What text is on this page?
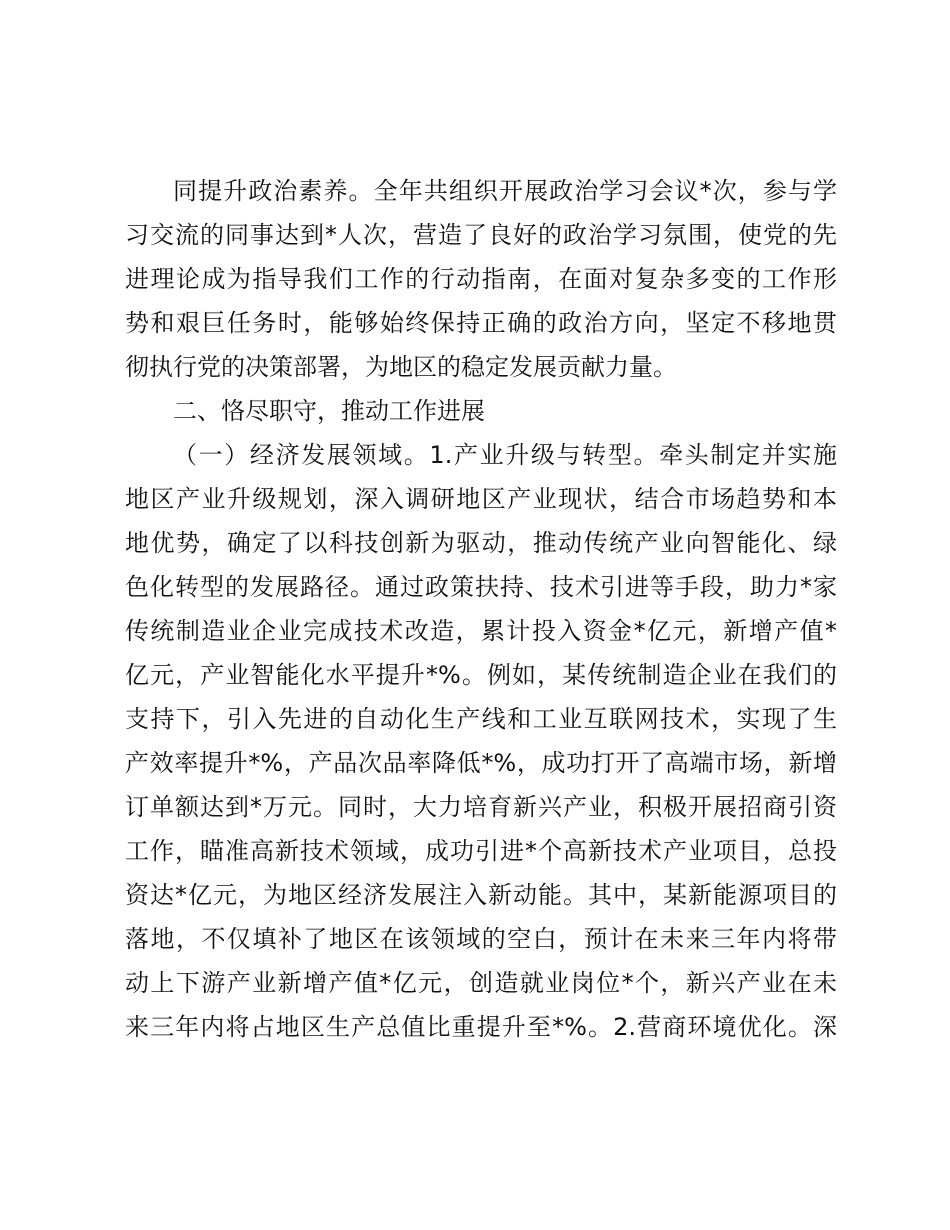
同提升政治素养。全年共组织开展政治学习会议*次，参与学
习交流的同事达到*人次，营造了良好的政治学习氛围，使党的先
进理论成为指导我们工作的行动指南，在面对复杂多变的工作形
势和艰巨任务时，能够始终保持正确的政治方向，坚定不移地贯
彻执行党的决策部署，为地区的稳定发展贡献力量。
二、恪尽职守，推动工作进展
（一）经济发展领域。1.产业升级与转型。牵头制定并实施
地区产业升级规划，深入调研地区产业现状，结合市场趋势和本
地优势，确定了以科技创新为驱动，推动传统产业向智能化、绿
色化转型的发展路径。通过政策扶持、技术引进等手段，助力*家
传统制造业企业完成技术改造，累计投入资金*亿元，新增产值*
亿元，产业智能化水平提升*%。例如，某传统制造企业在我们的
支持下，引入先进的自动化生产线和工业互联网技术，实现了生
产效率提升*%，产品次品率降低*%，成功打开了高端市场，新增
订单额达到*万元。同时，大力培育新兴产业，积极开展招商引资
工作，瞄准高新技术领域，成功引进*个高新技术产业项目，总投
资达*亿元，为地区经济发展注入新动能。其中，某新能源项目的
落地，不仅填补了地区在该领域的空白，预计在未来三年内将带
动上下游产业新增产值*亿元，创造就业岗位*个，新兴产业在未
来三年内将占地区生产总值比重提升至*%。2.营商环境优化。深
